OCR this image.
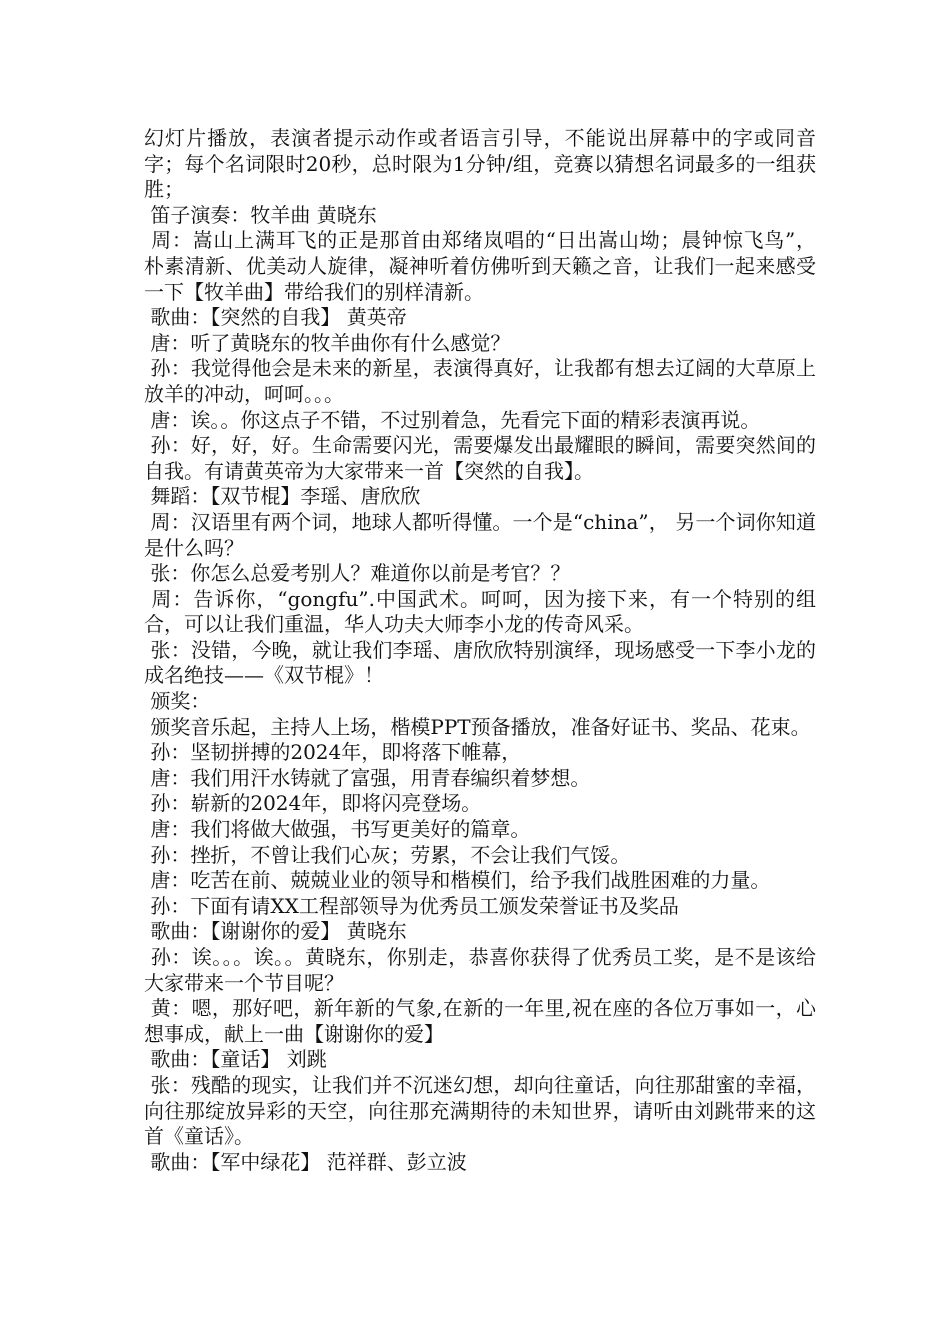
幻灯片播放，表演者提示动作或者语言引导，不能说出屏幕中的字或同音字；每个名词限时20秒，总时限为1分钟/组，竞赛以猜想名词最多的一组获胜；

笛子演奏：牧羊曲 黄晓东

周：嵩山上满耳飞的正是那首由郑绪岚唱的“日出嵩山坳；晨钟惊飞鸟”， 朴素清新、优美动人旋律，凝神听着仿佛听到天籁之音，让我们一起来感受一下【牧羊曲】带给我们的别样清新。

歌曲：【突然的自我】 黄英帝

唐：听了黄晓东的牧羊曲你有什么感觉？

孙：我觉得他会是未来的新星，表演得真好，让我都有想去辽阔的大草原上放羊的冲动，呵呵。。。

唐：诶。。你这点子不错，不过别着急，先看完下面的精彩表演再说。

孙：好，好，好。生命需要闪光，需要爆发出最耀眼的瞬间，需要突然间的自我。有请黄英帝为大家带来一首【突然的自我】。

舞蹈：【双节棍】李瑶、唐欣欣

周：汉语里有两个词，地球人都听得懂。一个是“china”， 另一个词你知道是什么吗？

张：你怎么总爱考别人？难道你以前是考官？？

周：告诉你，“gongfu”.中国武术。呵呵，因为接下来，有一个特别的组合，可以让我们重温，华人功夫大师李小龙的传奇风采。

张：没错，今晚，就让我们李瑶、唐欣欣特别演绎，现场感受一下李小龙的成名绝技——《双节棍》！

颁奖：

颁奖音乐起，主持人上场，楷模PPT预备播放，准备好证书、奖品、花束。

孙：坚韧拼搏的2024年，即将落下帷幕，

唐：我们用汗水铸就了富强，用青春编织着梦想。

孙：崭新的2024年，即将闪亮登场。

唐：我们将做大做强，书写更美好的篇章。

孙：挫折，不曾让我们心灰；劳累，不会让我们气馁。

唐：吃苦在前、兢兢业业的领导和楷模们，给予我们战胜困难的力量。

孙：下面有请XX工程部领导为优秀员工颁发荣誉证书及奖品

歌曲：【谢谢你的爱】 黄晓东

孙：诶。。。诶。。黄晓东，你别走，恭喜你获得了优秀员工奖，是不是该给大家带来一个节目呢？

黄：嗯，那好吧，新年新的气象,在新的一年里,祝在座的各位万事如一，心想事成，献上一曲【谢谢你的爱】

歌曲：【童话】 刘跳

张：残酷的现实，让我们并不沉迷幻想，却向往童话，向往那甜蜜的幸福，向往那绽放异彩的天空，向往那充满期待的未知世界，请听由刘跳带来的这首《童话》。

歌曲：【军中绿花】 范祥群、彭立波
